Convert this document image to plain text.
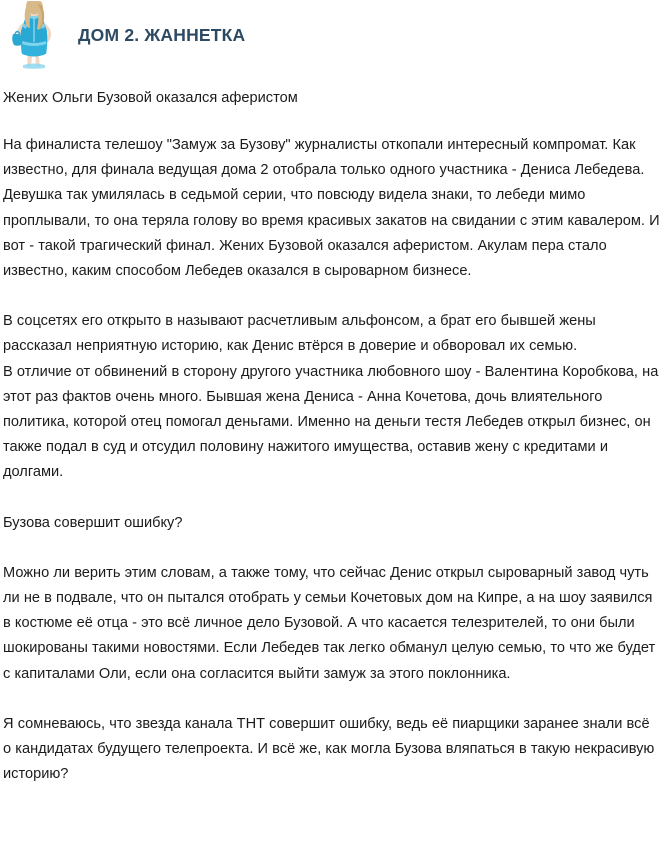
ДОМ 2. ЖАННЕТКА
Жених Ольги Бузовой оказался аферистом

На финалиста телешоу "Замуж за Бузову" журналисты откопали интересный компромат. Как известно, для финала ведущая дома 2 отобрала только одного участника - Дениса Лебедева. Девушка так умилялась в седьмой серии, что повсюду видела знаки, то лебеди мимо проплывали, то она теряла голову во время красивых закатов на свидании с этим кавалером. И вот - такой трагический финал. Жених Бузовой оказался аферистом. Акулам пера стало известно, каким способом Лебедев оказался в сыроварном бизнесе.

В соцсетях его открыто в называют расчетливым альфонсом, а брат его бывшей жены рассказал неприятную историю, как Денис втёрся в доверие и обворовал их семью.

В отличие от обвинений в сторону другого участника любовного шоу - Валентина Коробкова, на этот раз фактов очень много. Бывшая жена Дениса - Анна Кочетова, дочь влиятельного политика, которой отец помогал деньгами. Именно на деньги тестя Лебедев открыл бизнес, он также подал в суд и отсудил половину нажитого имущества, оставив жену с кредитами и долгами.

Бузова совершит ошибку?

Можно ли верить этим словам, а также тому, что сейчас Денис открыл сыроварный завод чуть ли не в подвале, что он пытался отобрать у семьи Кочетовых дом на Кипре, а на шоу заявился в костюме её отца - это всё личное дело Бузовой. А что касается телезрителей, то они были шокированы такими новостями. Если Лебедев так легко обманул целую семью, то что же будет с капиталами Оли, если она согласится выйти замуж за этого поклонника.

Я сомневаюсь, что звезда канала ТНТ совершит ошибку, ведь её пиарщики заранее знали всё о кандидатах будущего телепроекта. И всё же, как могла Бузова вляпаться в такую некрасивую историю?
